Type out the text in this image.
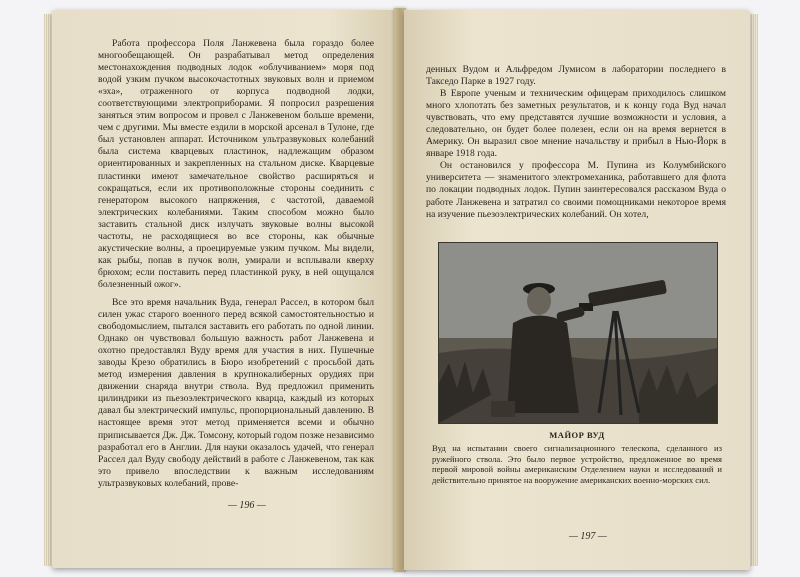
Работа профессора Поля Ланжевена была гораздо более многообещающей. Он разрабатывал метод определения местонахождения подводных лодок «облучиванием» моря под водой узким пучком высокочастотных звуковых волн и приемом «эха», отраженного от корпуса подводной лодки, соответствующими электроприборами. Я попросил разрешения заняться этим вопросом и провел с Ланжевеном больше времени, чем с другими. Мы вместе ездили в морской арсенал в Тулоне, где был установлен аппарат. Источником ультразвуковых колебаний была система кварцевых пластинок, надлежащим образом ориентированных и закрепленных на стальном диске. Кварцевые пластинки имеют замечательное свойство расширяться и сокращаться, если их противоположные стороны соединить с генератором высокого напряжения, с частотой, даваемой электрических колебаниями. Таким способом можно было заставить стальной диск излучать звуковые волны высокой частоты, не расходящиеся во все стороны, как обычные акустические волны, а проецируемые узким пучком. Мы видели, как рыбы, попав в пучок волн, умирали и всплывали кверху брюхом; если поставить перед пластинкой руку, в ней ощущался болезненный ожог».

Все это время начальник Вуда, генерал Рассел, в котором был силен ужас старого военного перед всякой самостоятельностью и свободомыслием, пытался заставить его работать по одной линии. Однако он чувствовал большую важность работ Ланжевена и охотно предоставлял Вуду время для участия в них. Пушечные заводы Крезо обратились в Бюро изобретений с просьбой дать метод измерения давления в крупнокалиберных орудиях при движении снаряда внутри ствола. Вуд предложил применить цилиндрики из пьезоэлектрического кварца, каждый из которых давал бы электрический импульс, пропорциональный давлению. В настоящее время этот метод применяется всеми и обычно приписывается Дж. Дж. Томсону, который годом позже независимо разработал его в Англии. Для науки оказалось удачей, что генерал Рассел дал Вуду свободу действий в работе с Ланжевеном, так как это привело впоследствии к важным исследованиям ультразвуковых колебаний, прове-

— 196 —

денных Вудом и Альфредом Лумисом в лаборатории последнего в Такседо Парке в 1927 году.

В Европе ученым и техническим офицерам приходилось слишком много хлопотать без заметных результатов, и к концу года Вуд начал чувствовать, что ему представятся лучшие возможности и условия, а следовательно, он будет более полезен, если он на время вернется в Америку. Он выразил свое мнение начальству и прибыл в Нью-Йорк в январе 1918 года.

Он остановился у профессора М. Пупина из Колумбийского университета — знаменитого электромеханика, работавшего для флота по локации подводных лодок. Пупин заинтересовался рассказом Вуда о работе Ланжевена и затратил со своими помощниками некоторое время на изучение пьезоэлектрических колебаний. Он хотел,

МАЙОР ВУД
Вуд на испытании своего сигнализационного телескопа, сделанного из ружейного ствола. Это было первое устройство, предложенное во время первой мировой войны американским Отделением науки и исследований и действительно принятое на вооружение американских военно-морских сил.
— 197 —
